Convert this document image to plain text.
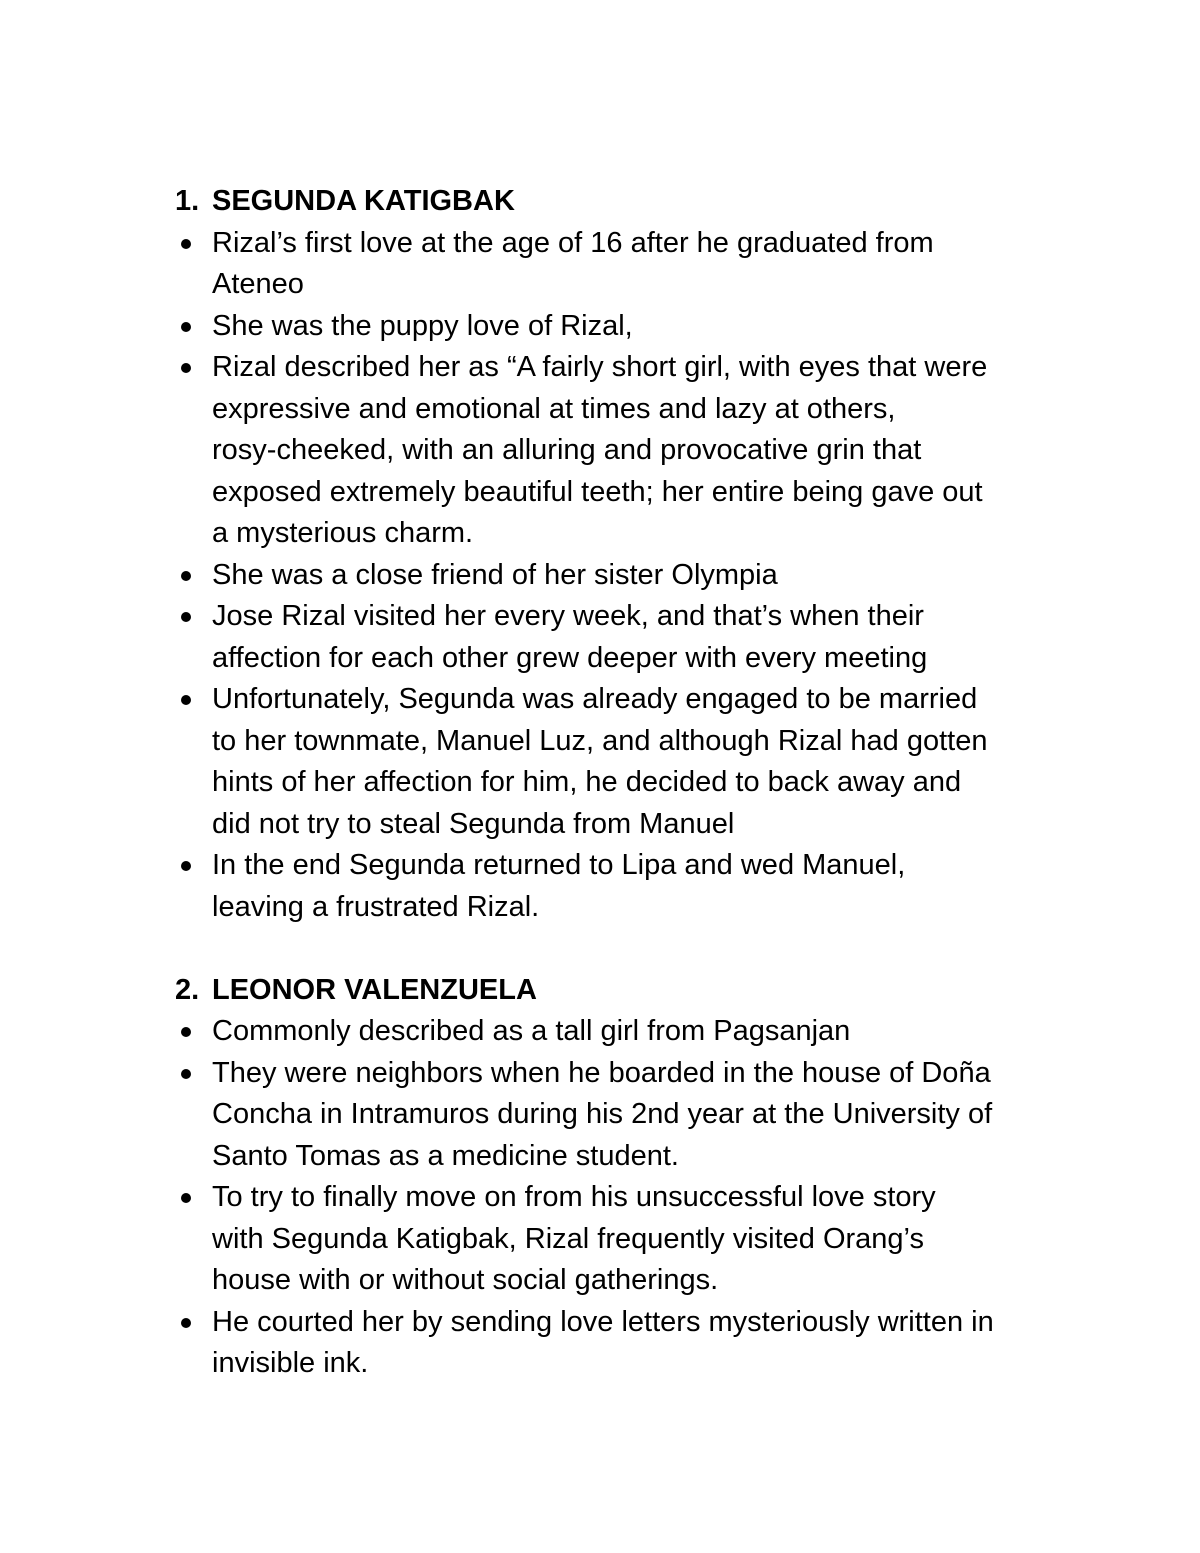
1. SEGUNDA KATIGBAK
Rizal’s first love at the age of 16 after he graduated from
Ateneo
She was the puppy love of Rizal,
Rizal described her as “A fairly short girl, with eyes that were
expressive and emotional at times and lazy at others,
rosy-cheeked, with an alluring and provocative grin that
exposed extremely beautiful teeth; her entire being gave out
a mysterious charm.
She was a close friend of her sister Olympia
Jose Rizal visited her every week, and that’s when their
affection for each other grew deeper with every meeting
Unfortunately, Segunda was already engaged to be married
to her townmate, Manuel Luz, and although Rizal had gotten
hints of her affection for him, he decided to back away and
did not try to steal Segunda from Manuel
In the end Segunda returned to Lipa and wed Manuel,
leaving a frustrated Rizal.
2. LEONOR VALENZUELA
Commonly described as a tall girl from Pagsanjan
They were neighbors when he boarded in the house of Doña
Concha in Intramuros during his 2nd year at the University of
Santo Tomas as a medicine student.
To try to finally move on from his unsuccessful love story
with Segunda Katigbak, Rizal frequently visited Orang’s
house with or without social gatherings.
He courted her by sending love letters mysteriously written in
invisible ink.
